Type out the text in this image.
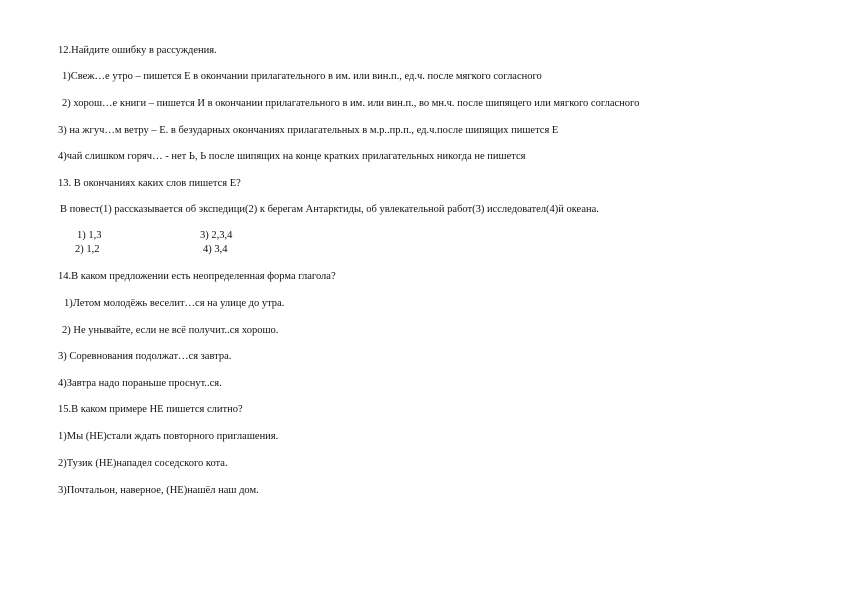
12.Найдите ошибку в рассуждения.
1)Свеж…е утро – пишется Е в окончании прилагательного в им. или вин.п., ед.ч. после мягкого согласного
2) хорош…е книги – пишется И в окончании прилагательного в им. или вин.п., во мн.ч. после шипящего или мягкого согласного
3) на жгуч…м ветру – Е. в безударных окончаниях прилагательных в м.р..пр.п., ед.ч.после шипящих пишется Е
4)чай слишком горяч… - нет Ь, Ь после шипящих на конце кратких прилагательных никогда не пишется
13. В окончаниях каких слов пишется Е?
В повест(1) рассказывается об экспедици(2) к берегам Антарктиды, об увлекательной работ(3) исследовател(4)й океана.
1) 1,3	3) 2,3,4
2) 1,2	4) 3,4
14.В каком предложении есть неопределенная форма глагола?
1)Летом молодёжь веселит…ся на улице до утра.
2) Не унывайте, если не всё получит..ся хорошо.
3) Соревнования подолжат…ся завтра.
4)Завтра надо пораньше проснут..ся.
15.В каком примере НЕ пишется слитно?
1)Мы (НЕ)стали ждать повторного приглашения.
2)Тузик (НЕ)нападел соседского кота.
3)Почтальон, наверное, (НЕ)нашёл наш дом.
